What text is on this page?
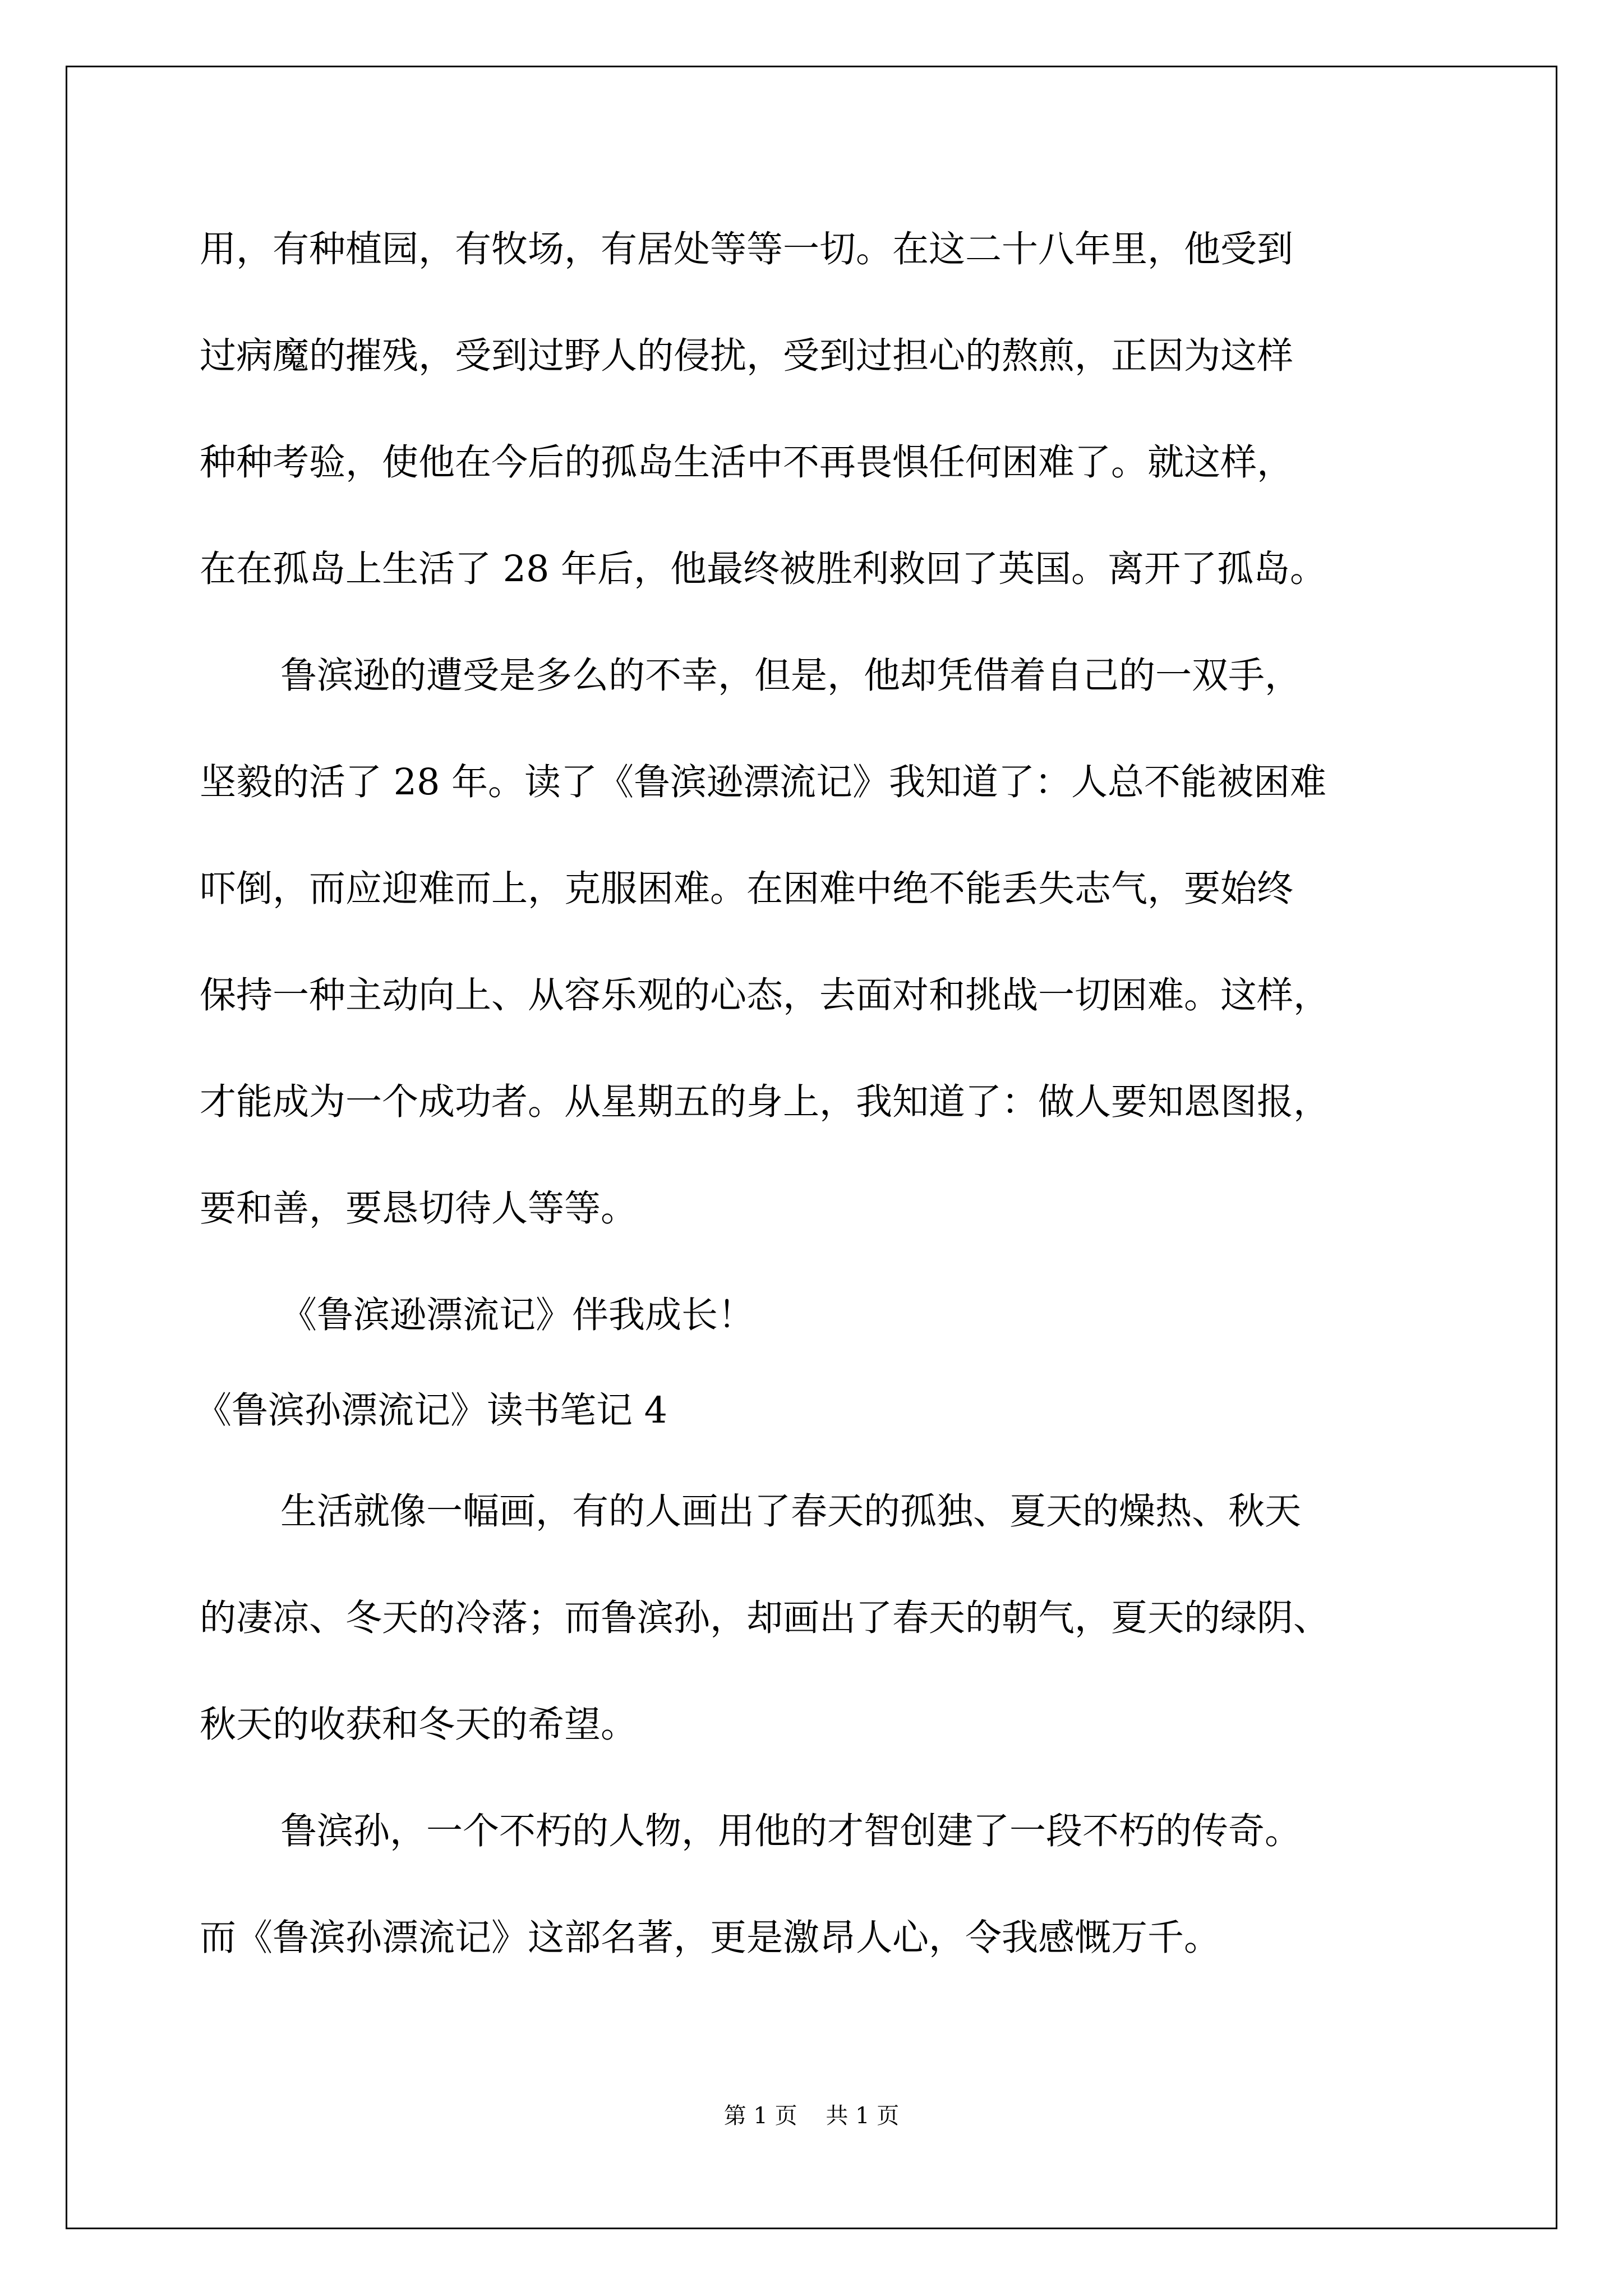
用，有种植园，有牧场，有居处等等一切。在这二十八年里，他受到

过病魔的摧残，受到过野人的侵扰，受到过担心的熬煎，正因为这样

种种考验，使他在今后的孤岛生活中不再畏惧任何困难了。就这样，

在在孤岛上生活了 28 年后，他最终被胜利救回了英国。离开了孤岛。

鲁滨逊的遭受是多么的不幸，但是，他却凭借着自己的一双手，

坚毅的活了 28 年。读了《鲁滨逊漂流记》我知道了：人总不能被困难

吓倒，而应迎难而上，克服困难。在困难中绝不能丢失志气，要始终

保持一种主动向上、从容乐观的心态，去面对和挑战一切困难。这样，

才能成为一个成功者。从星期五的身上，我知道了：做人要知恩图报，

要和善，要恳切待人等等。

《鲁滨逊漂流记》伴我成长！

《鲁滨孙漂流记》读书笔记 4

生活就像一幅画，有的人画出了春天的孤独、夏天的燥热、秋天

的凄凉、冬天的冷落；而鲁滨孙，却画出了春天的朝气，夏天的绿阴、

秋天的收获和冬天的希望。

鲁滨孙，一个不朽的人物，用他的才智创建了一段不朽的传奇。

而《鲁滨孙漂流记》这部名著，更是激昂人心，令我感慨万千。

第 1 页    共 1 页
